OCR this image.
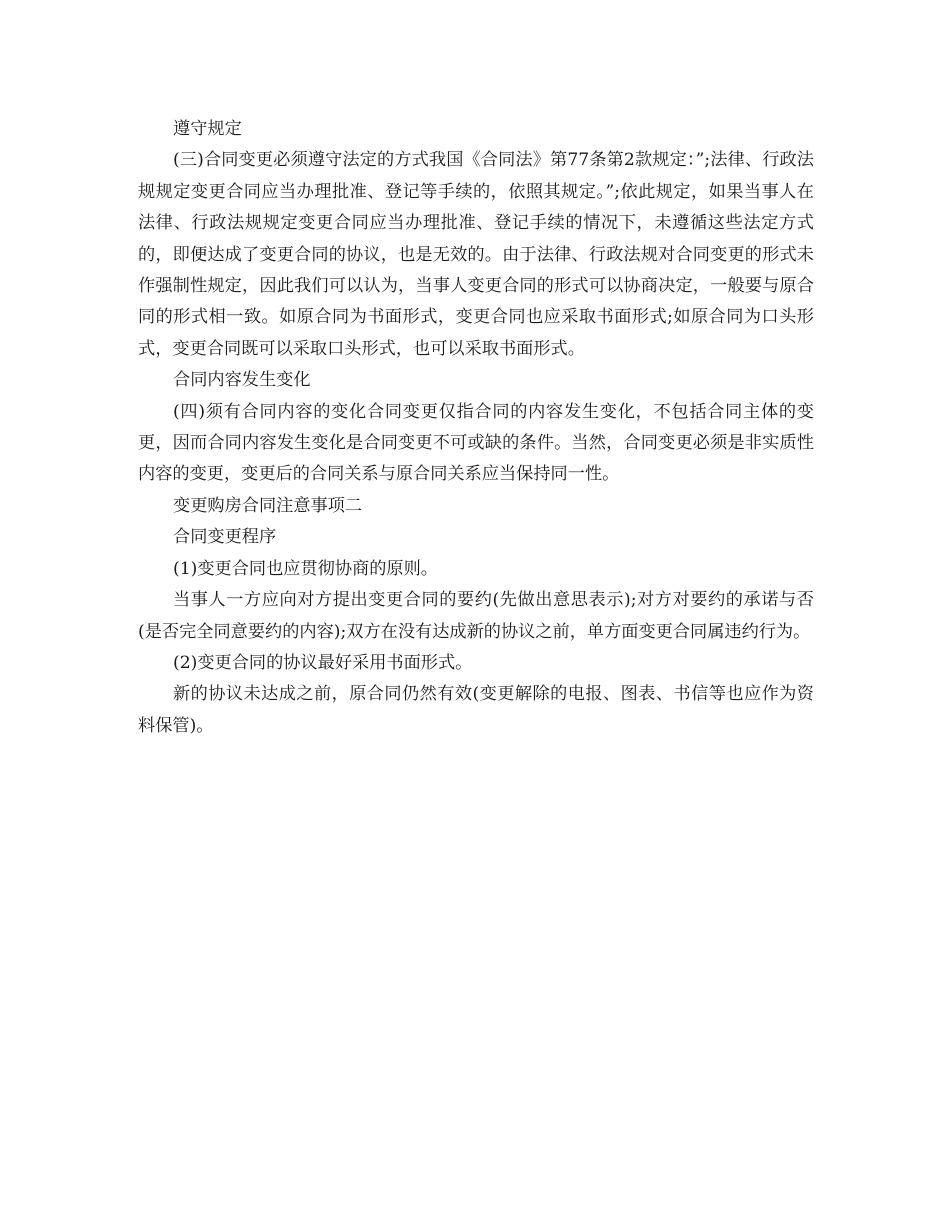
遵守规定

(三)合同变更必须遵守法定的方式我国《合同法》第77条第2款规定：”;法律、行政法规规定变更合同应当办理批准、登记等手续的，依照其规定。”;依此规定，如果当事人在法律、行政法规规定变更合同应当办理批准、登记手续的情况下，未遵循这些法定方式的，即便达成了变更合同的协议，也是无效的。由于法律、行政法规对合同变更的形式未作强制性规定，因此我们可以认为，当事人变更合同的形式可以协商决定，一般要与原合同的形式相一致。如原合同为书面形式，变更合同也应采取书面形式;如原合同为口头形式，变更合同既可以采取口头形式，也可以采取书面形式。

合同内容发生变化

(四)须有合同内容的变化合同变更仅指合同的内容发生变化，不包括合同主体的变更，因而合同内容发生变化是合同变更不可或缺的条件。当然，合同变更必须是非实质性内容的变更，变更后的合同关系与原合同关系应当保持同一性。

变更购房合同注意事项二

合同变更程序

(1)变更合同也应贯彻协商的原则。

当事人一方应向对方提出变更合同的要约(先做出意思表示);对方对要约的承诺与否(是否完全同意要约的内容);双方在没有达成新的协议之前，单方面变更合同属违约行为。

(2)变更合同的协议最好采用书面形式。

新的协议未达成之前，原合同仍然有效(变更解除的电报、图表、书信等也应作为资料保管)。
